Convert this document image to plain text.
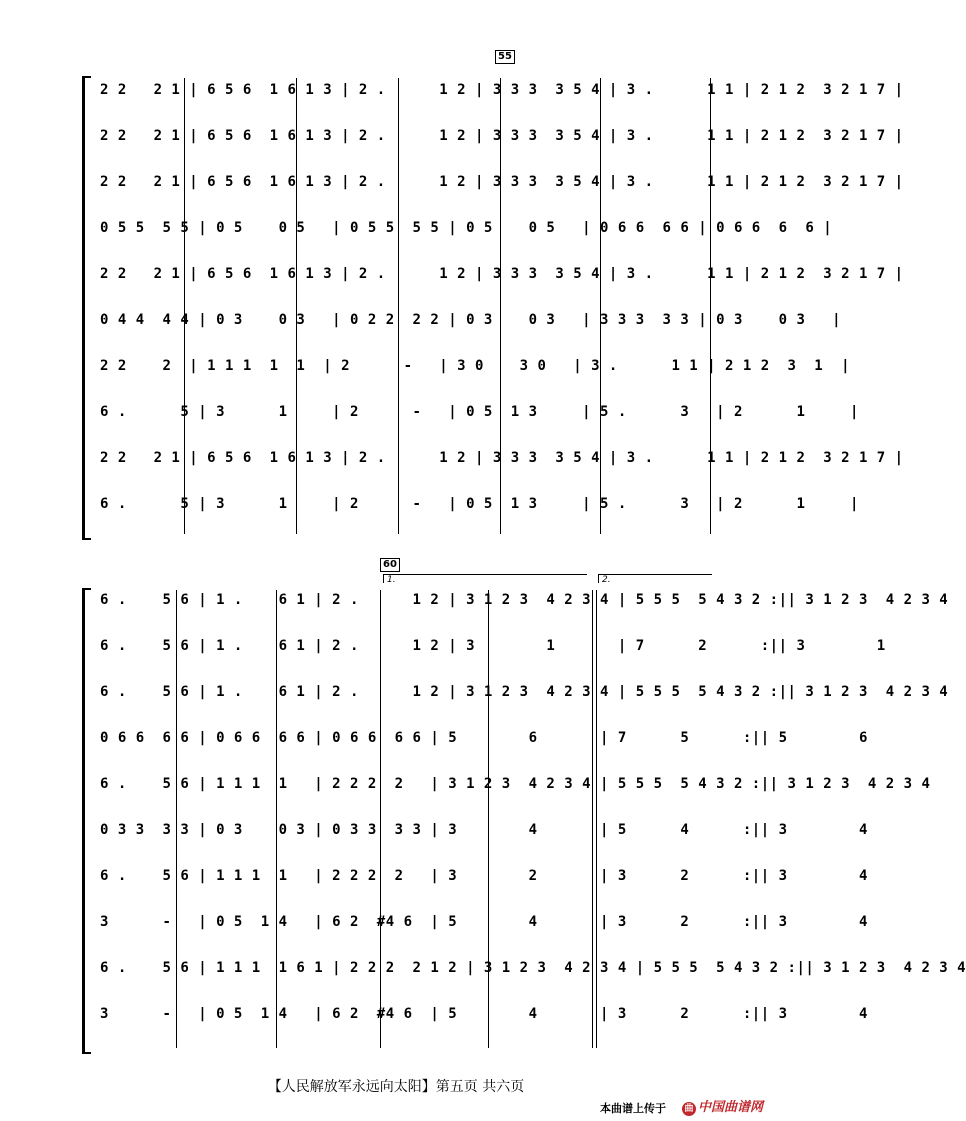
55
2 2   2 1 | 6 5 6  1 6 1 3 | 2 .      1 2 | 3 3 3  3 5 4 | 3 .      1 1 | 2 1 2  3 2 1 7 |
2 2   2 1 | 6 5 6  1 6 1 3 | 2 .      1 2 | 3 3 3  3 5 4 | 3 .      1 1 | 2 1 2  3 2 1 7 |
2 2   2 1 | 6 5 6  1 6 1 3 | 2 .      1 2 | 3 3 3  3 5 4 | 3 .      1 1 | 2 1 2  3 2 1 7 |
0 5 5  5 5 | 0 5    0 5   | 0 5 5  5 5 | 0 5    0 5   | 0 6 6  6 6 | 0 6 6  6  6 |
2 2   2 1 | 6 5 6  1 6 1 3 | 2 .      1 2 | 3 3 3  3 5 4 | 3 .      1 1 | 2 1 2  3 2 1 7 |
0 4 4  4 4 | 0 3    0 3   | 0 2 2  2 2 | 0 3    0 3   | 3 3 3  3 3 | 0 3    0 3   |
2 2    2  | 1 1 1  1  1  | 2      -   | 3 0    3 0   | 3 .      1 1 | 2 1 2  3  1  |
6 .      5 | 3      1     | 2      -   | 0 5  1 3     | 5 .      3   | 2      1     |
2 2   2 1 | 6 5 6  1 6 1 3 | 2 .      1 2 | 3 3 3  3 5 4 | 3 .      1 1 | 2 1 2  3 2 1 7 |
6 .      5 | 3      1     | 2      -   | 0 5  1 3     | 5 .      3   | 2      1     |
60
1.	2.
6 .    5 6 | 1 .    6 1 | 2 .      1 2 | 3 1 2 3  4 2 3 4 | 5 5 5  5 4 3 2 :|| 3 1 2 3  4 2 3 4
6 .    5 6 | 1 .    6 1 | 2 .      1 2 | 3        1       | 7      2      :|| 3        1
6 .    5 6 | 1 .    6 1 | 2 .      1 2 | 3 1 2 3  4 2 3 4 | 5 5 5  5 4 3 2 :|| 3 1 2 3  4 2 3 4
0 6 6  6 6 | 0 6 6  6 6 | 0 6 6  6 6 | 5        6       | 7      5      :|| 5        6
6 .    5 6 | 1 1 1  1   | 2 2 2  2   | 3 1 2 3  4 2 3 4 | 5 5 5  5 4 3 2 :|| 3 1 2 3  4 2 3 4
0 3 3  3 3 | 0 3    0 3 | 0 3 3  3 3 | 3        4       | 5      4      :|| 3        4
6 .    5 6 | 1 1 1  1   | 2 2 2  2   | 3        2       | 3      2      :|| 3        4
3      -   | 0 5  1 4   | 6 2  #4 6  | 5        4       | 3      2      :|| 3        4
6 .    5 6 | 1 1 1  1 6 1 | 2 2 2  2 1 2 | 3 1 2 3  4 2 3 4 | 5 5 5  5 4 3 2 :|| 3 1 2 3  4 2 3 4
3      -   | 0 5  1 4   | 6 2  #4 6  | 5        4       | 3      2      :|| 3        4
【人民解放军永远向太阳】第五页 共六页
本曲谱上传于 曲 中国曲谱网
